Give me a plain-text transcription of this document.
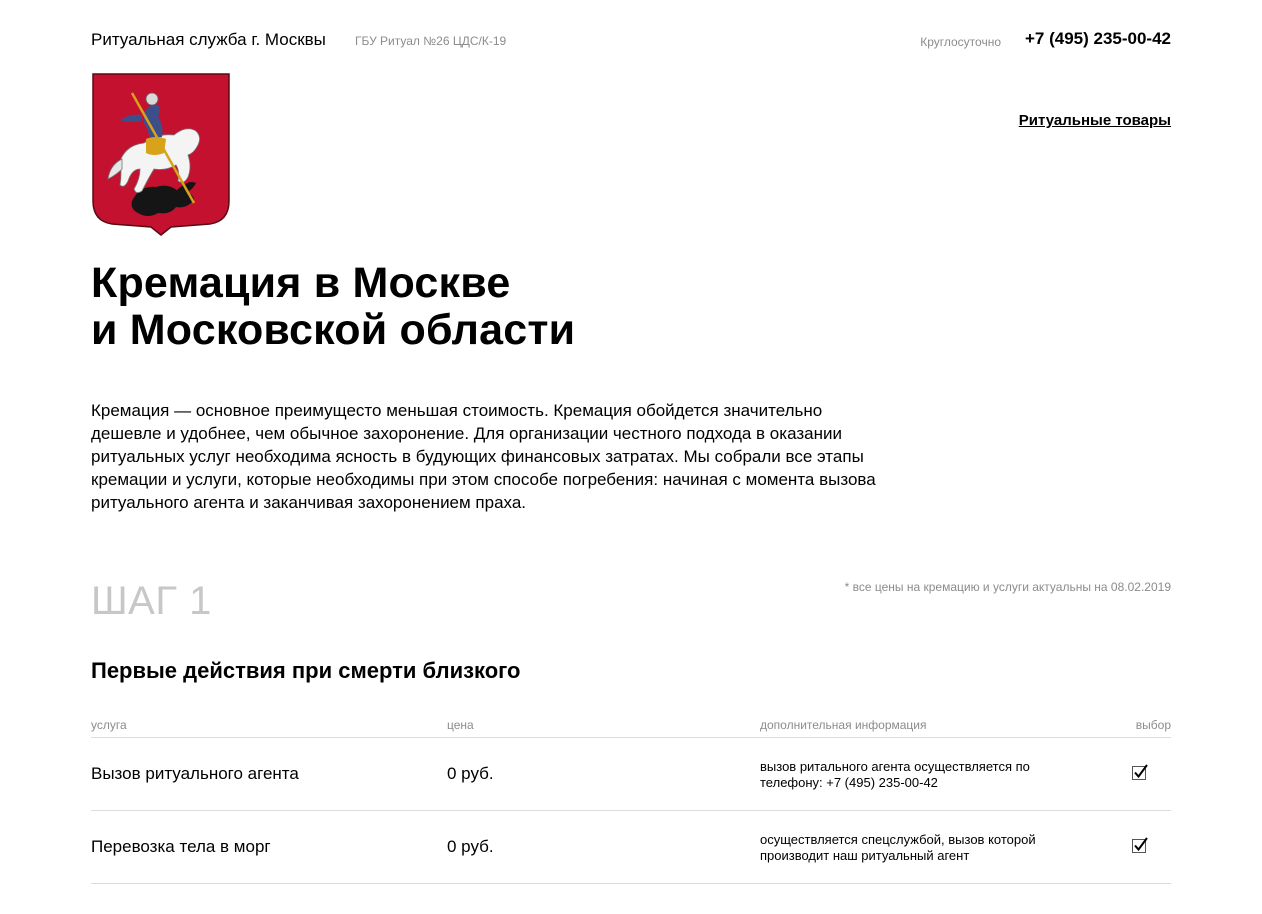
Ритуальная служба г. Москвы ГБУ Ритуал №26 ЦДС/К-19	Круглосуточно +7 (495) 235-00-42
Ритуальные товары
Кремация в Москве
и Московской области

Кремация — основное преимущесто меньшая стоимость. Кремация обойдется значительно дешевле и удобнее, чем обычное захоронение. Для организации честного подхода в оказании ритуальных услуг необходима ясность в будующих финансовых затратах. Мы собрали все этапы кремации и услуги, которые необходимы при этом способе погребения: начиная с момента вызова ритуального агента и заканчивая захоронением праха.

ШАГ 1	* все цены на кремацию и услуги актуальны на 08.02.2019
Первые действия при смерти близкого
услуга	цена	дополнительная информация	выбор
Вызов ритуального агента	0 руб.	вызов ритального агента осуществляется по телефону: +7 (495) 235-00-42
Перевозка тела в морг	0 руб.	осуществляется спецслужбой, вызов которой производит наш ритуальный агент
